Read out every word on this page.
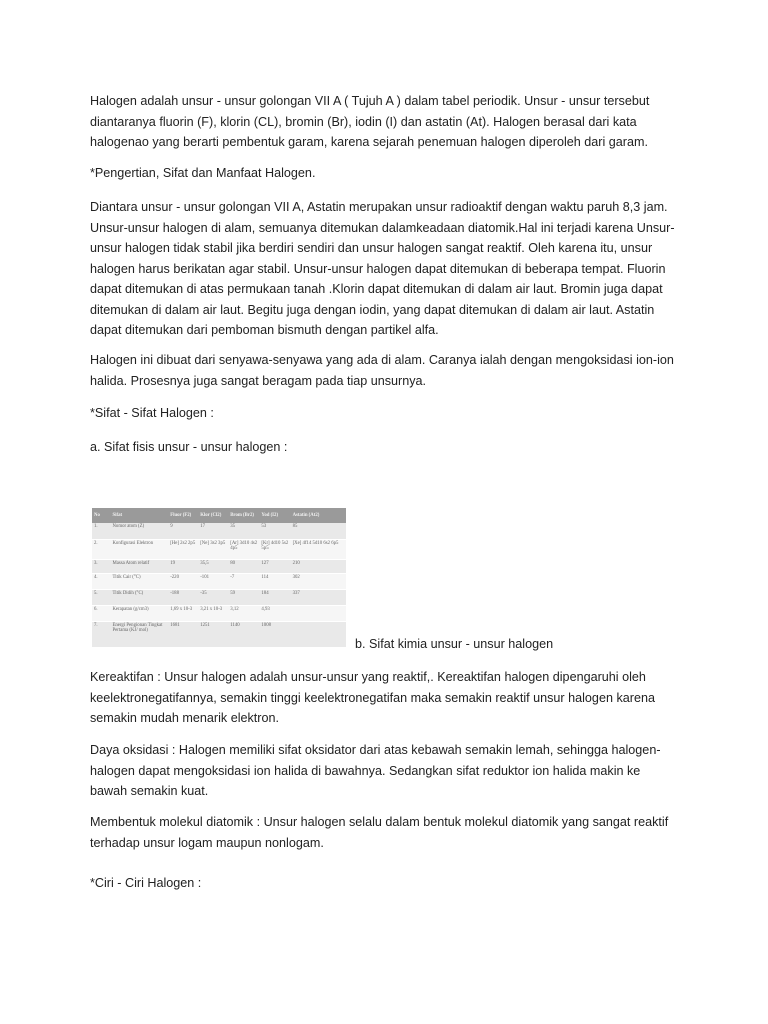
Halogen adalah unsur - unsur golongan VII A ( Tujuh A ) dalam tabel periodik. Unsur - unsur tersebut
diantaranya fluorin (F), klorin (CL), bromin (Br), iodin (I) dan astatin (At). Halogen berasal dari kata
halogenao yang berarti pembentuk garam, karena sejarah penemuan halogen diperoleh dari garam.

*Pengertian, Sifat dan Manfaat Halogen.

Diantara unsur - unsur golongan VII A, Astatin merupakan unsur radioaktif dengan waktu paruh 8,3 jam.
Unsur-unsur halogen di alam, semuanya ditemukan dalamkeadaan diatomik.Hal ini terjadi karena Unsur-
unsur halogen tidak stabil jika berdiri sendiri dan unsur halogen sangat reaktif. Oleh karena itu, unsur
halogen harus berikatan agar stabil. Unsur-unsur halogen dapat ditemukan di beberapa tempat. Fluorin
dapat ditemukan di atas permukaan tanah .Klorin dapat ditemukan di dalam air laut. Bromin juga dapat
ditemukan di dalam air laut. Begitu juga dengan iodin, yang dapat ditemukan di dalam air laut. Astatin
dapat ditemukan dari pemboman bismuth dengan partikel alfa.

Halogen ini dibuat dari senyawa-senyawa yang ada di alam. Caranya ialah dengan mengoksidasi ion-ion
halida. Prosesnya juga sangat beragam pada tiap unsurnya.

*Sifat - Sifat Halogen :

a. Sifat fisis unsur - unsur halogen :

No	Sifat	Fluor (F2)	Klor (Cl2)	Brom (Br2)	Yod (I2)	Astatin (At2)
1.	Nomor atom (Z)	9	17	35	53	85
2.	Konfigurasi Elektron	[He] 2s2 2p5	[Ne] 3s2 3p5	[Ar] 3d10 4s2 4p5	[Kr] 4d10 5s2 5p5	[Xe] 4f14 5d10 6s2 6p5
3.	Massa Atom relatif	19	35,5	80	127	210
4.	Titik Cair (°C)	-220	-101	-7	114	302
5.	Titik Didih (°C)	-188	-35	59	184	337
6.	Kerapatan (g/cm3)	1,69 x 10-3	3,21 x 10-3	3,12	4,93	
7.	Energi Pengionan Tingkat Pertama (KJ/ mol)	1681	1251	1140	1008	

b. Sifat kimia unsur - unsur halogen

Kereaktifan : Unsur halogen adalah unsur-unsur yang reaktif,. Kereaktifan halogen dipengaruhi oleh
keelektronegatifannya, semakin tinggi keelektronegatifan maka semakin reaktif unsur halogen karena
semakin mudah menarik elektron.

Daya oksidasi : Halogen memiliki sifat oksidator dari atas kebawah semakin lemah, sehingga halogen-
halogen dapat mengoksidasi ion halida di bawahnya. Sedangkan sifat reduktor ion halida makin ke
bawah semakin kuat.

Membentuk molekul diatomik : Unsur halogen selalu dalam bentuk molekul diatomik yang sangat reaktif
terhadap unsur logam maupun nonlogam.

*Ciri - Ciri Halogen :
